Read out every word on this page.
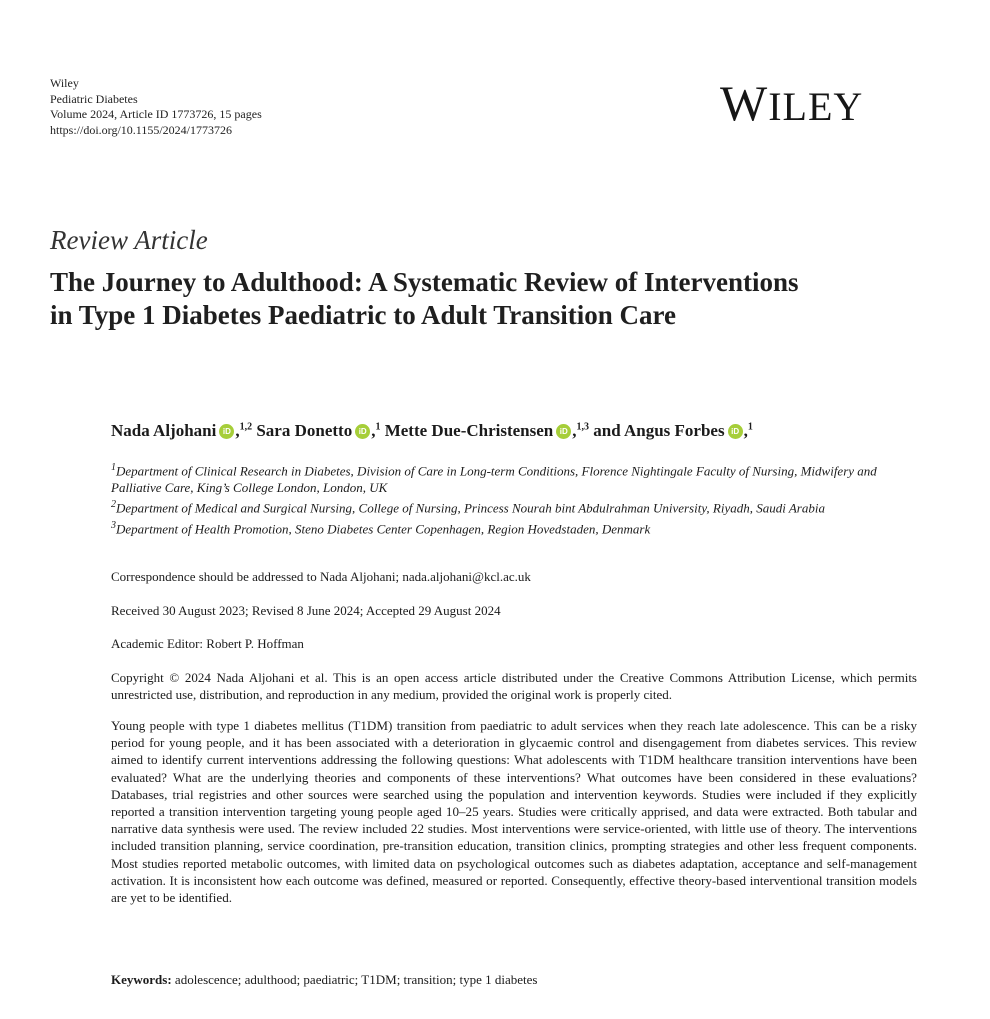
Wiley
Pediatric Diabetes
Volume 2024, Article ID 1773726, 15 pages
https://doi.org/10.1155/2024/1773726	WILEY
Review Article
The Journey to Adulthood: A Systematic Review of Interventions in Type 1 Diabetes Paediatric to Adult Transition Care
Nada Aljohani iD ,$^{1,2}$ Sara Donetto iD ,$^1$ Mette Due-Christensen iD ,$^{1,3}$ and Angus Forbes iD ,$^1$
$^1$Department of Clinical Research in Diabetes, Division of Care in Long-term Conditions, Florence Nightingale Faculty of Nursing, Midwifery and Palliative Care, King’s College London, London, UK
$^2$Department of Medical and Surgical Nursing, College of Nursing, Princess Nourah bint Abdulrahman University, Riyadh, Saudi Arabia
$^3$Department of Health Promotion, Steno Diabetes Center Copenhagen, Region Hovedstaden, Denmark
Correspondence should be addressed to Nada Aljohani; nada.aljohani@kcl.ac.uk
Received 30 August 2023; Revised 8 June 2024; Accepted 29 August 2024
Academic Editor: Robert P. Hoffman
Copyright © 2024 Nada Aljohani et al. This is an open access article distributed under the Creative Commons Attribution License, which permits unrestricted use, distribution, and reproduction in any medium, provided the original work is properly cited.
Young people with type 1 diabetes mellitus (T1DM) transition from paediatric to adult services when they reach late adolescence. This can be a risky period for young people, and it has been associated with a deterioration in glycaemic control and disengagement from diabetes services. This review aimed to identify current interventions addressing the following questions: What adolescents with T1DM healthcare transition interventions have been evaluated? What are the underlying theories and components of these interventions? What outcomes have been considered in these evaluations? Databases, trial registries and other sources were searched using the population and intervention keywords. Studies were included if they explicitly reported a transition intervention targeting young people aged 10–25 years. Studies were critically apprised, and data were extracted. Both tabular and narrative data synthesis were used. The review included 22 studies. Most interventions were service-oriented, with little use of theory. The interventions included transition planning, service coordination, pre-transition education, transition clinics, prompting strategies and other less frequent components. Most studies reported metabolic outcomes, with limited data on psychological outcomes such as diabetes adaptation, acceptance and self-management activation. It is inconsistent how each outcome was defined, measured or reported. Consequently, effective theory-based interventional transition models are yet to be identified.
Keywords: adolescence; adulthood; paediatric; T1DM; transition; type 1 diabetes
